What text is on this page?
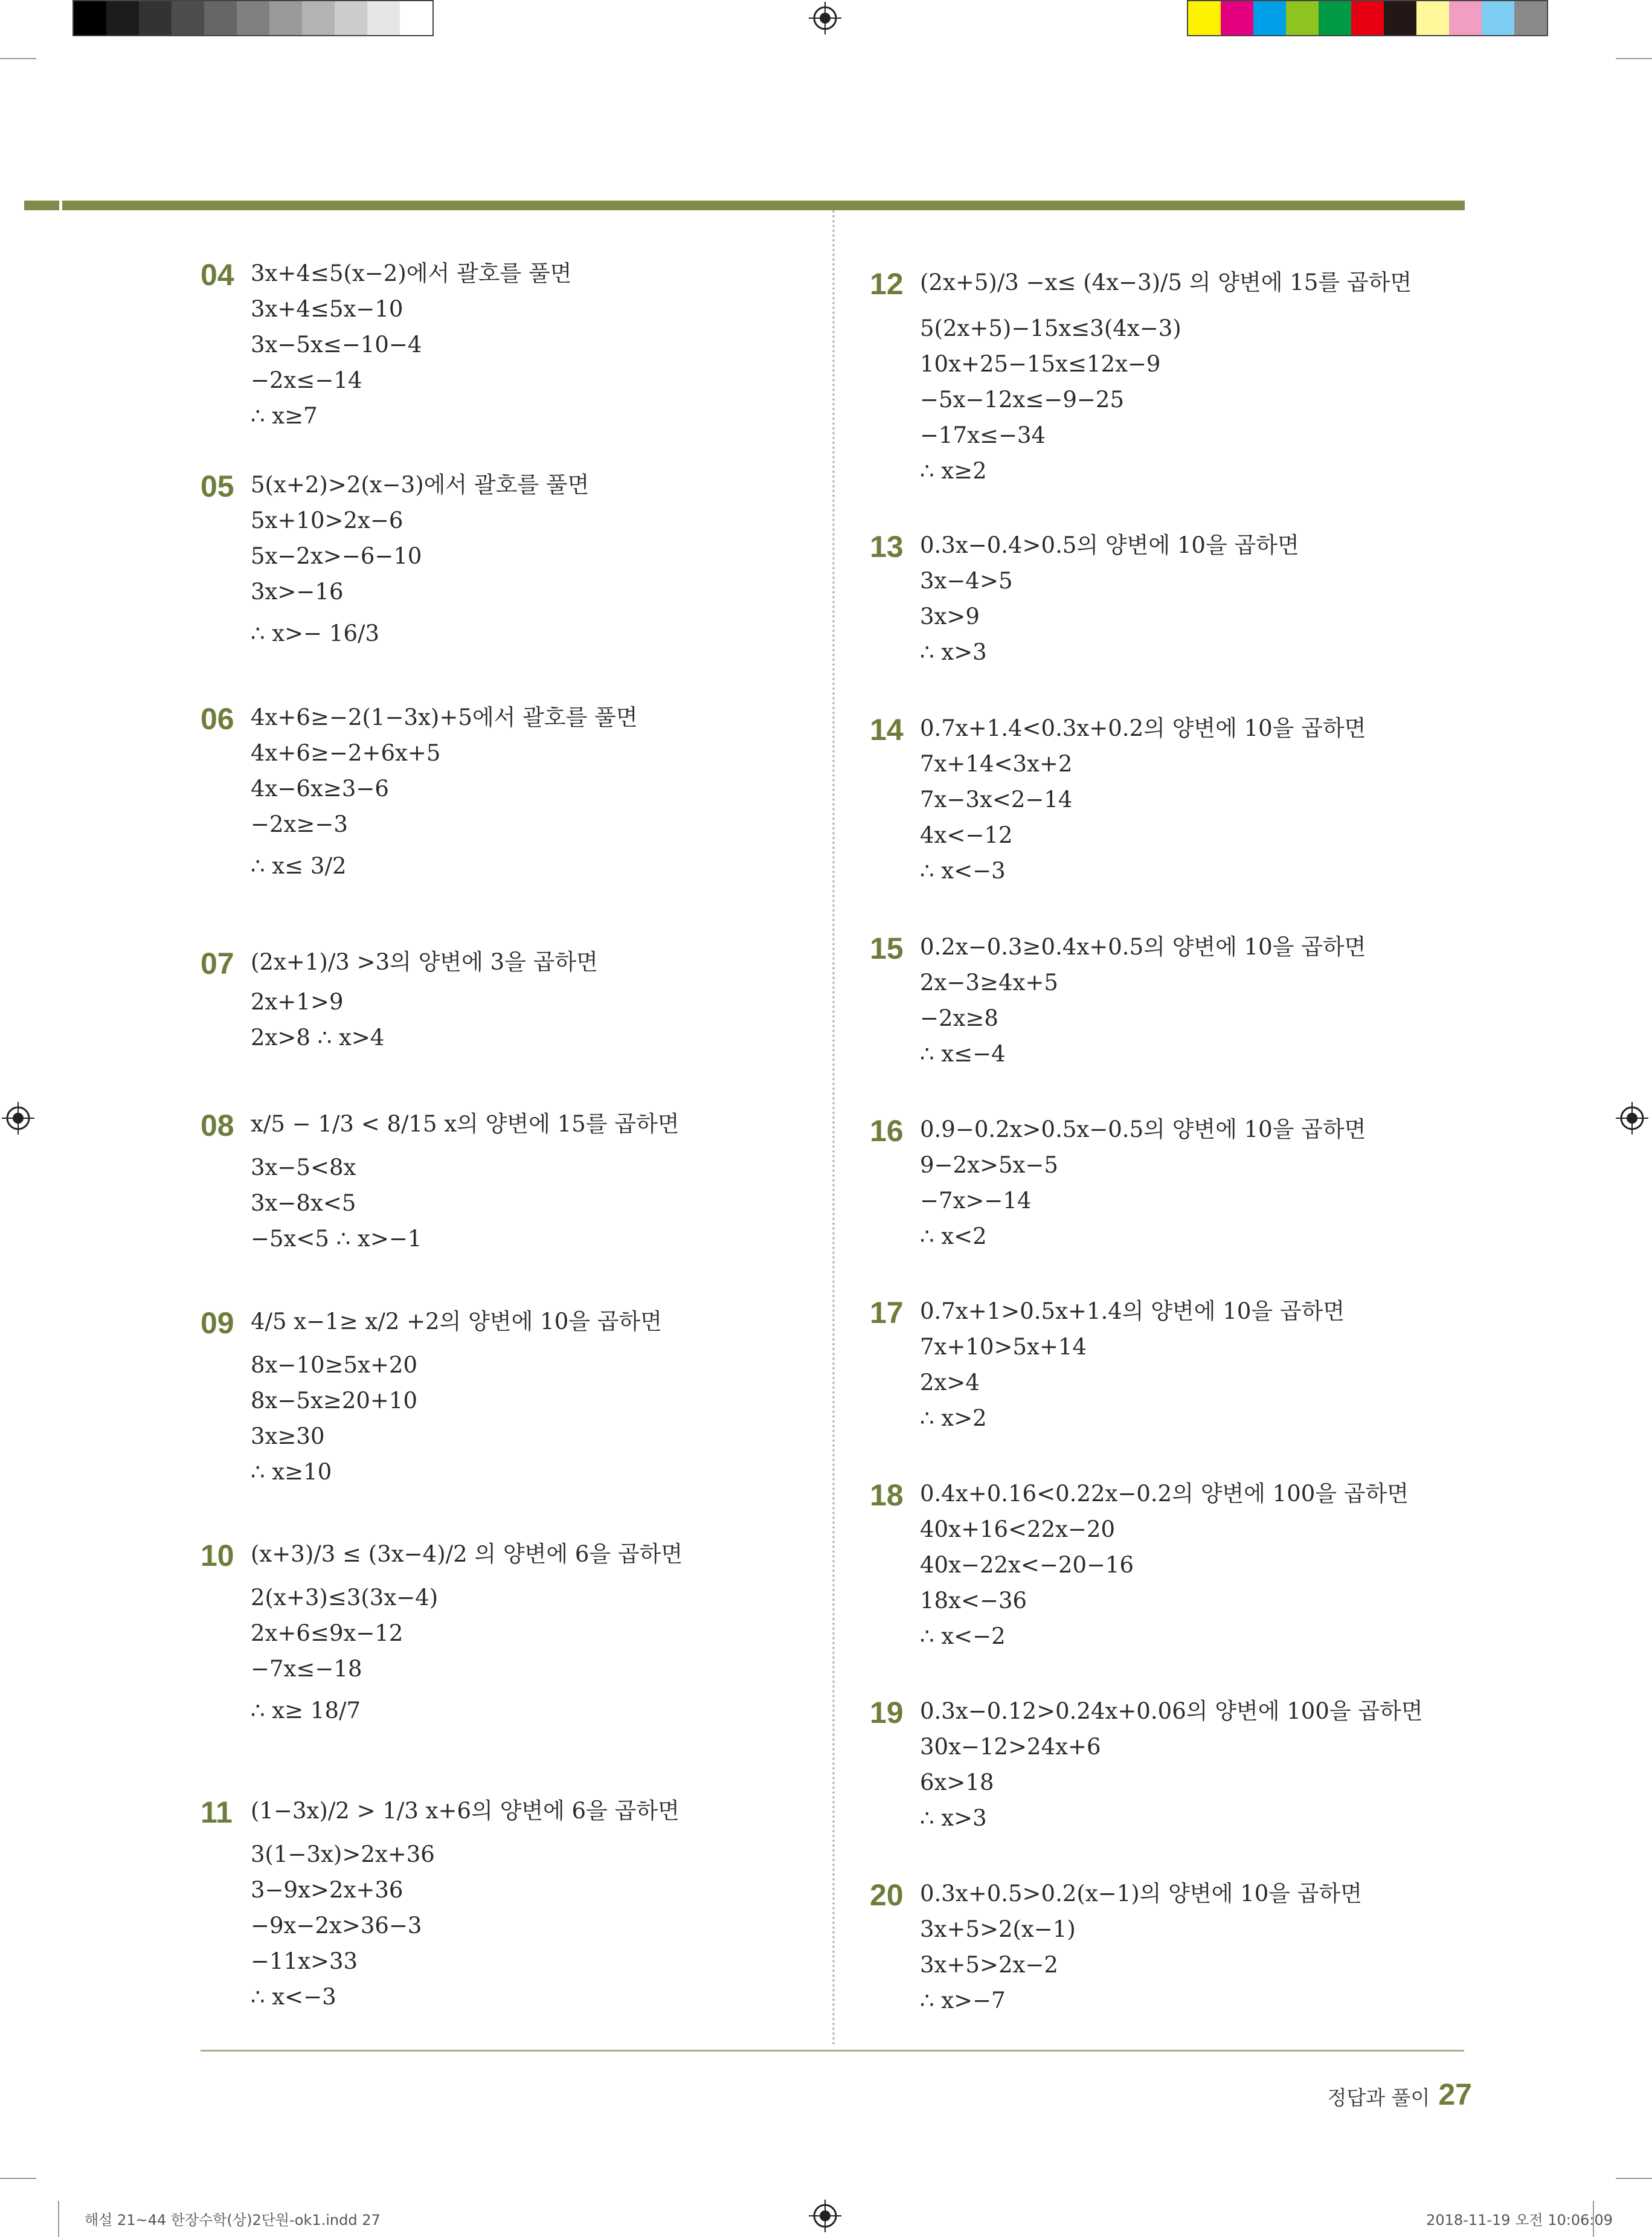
04 3x+4≤5(x−2)에서 괄호를 풀면
3x+4≤5x−10
3x−5x≤−10−4
−2x≤−14
∴ x≥7
05 5(x+2)>2(x−3)에서 괄호를 풀면
5x+10>2x−6
5x−2x>−6−10
3x>−16
∴ x>− 16/3
06 4x+6≥−2(1−3x)+5에서 괄호를 풀면
4x+6≥−2+6x+5
4x−6x≥3−6
−2x≥−3
∴ x≤ 3/2
07 (2x+1)/3 >3의 양변에 3을 곱하면
2x+1>9
2x>8 ∴ x>4
08 x/5 − 1/3 < 8/15 x의 양변에 15를 곱하면
3x−5<8x
3x−8x<5
−5x<5 ∴ x>−1
09 4/5 x−1≥ x/2 +2의 양변에 10을 곱하면
8x−10≥5x+20
8x−5x≥20+10
3x≥30
∴ x≥10
10 (x+3)/3 ≤ (3x−4)/2 의 양변에 6을 곱하면
2(x+3)≤3(3x−4)
2x+6≤9x−12
−7x≤−18
∴ x≥ 18/7
11 (1−3x)/2 > 1/3 x+6의 양변에 6을 곱하면
3(1−3x)>2x+36
3−9x>2x+36
−9x−2x>36−3
−11x>33
∴ x<−3
12 (2x+5)/3 −x≤ (4x−3)/5 의 양변에 15를 곱하면
5(2x+5)−15x≤3(4x−3)
10x+25−15x≤12x−9
−5x−12x≤−9−25
−17x≤−34
∴ x≥2
13 0.3x−0.4>0.5의 양변에 10을 곱하면
3x−4>5
3x>9
∴ x>3
14 0.7x+1.4<0.3x+0.2의 양변에 10을 곱하면
7x+14<3x+2
7x−3x<2−14
4x<−12
∴ x<−3
15 0.2x−0.3≥0.4x+0.5의 양변에 10을 곱하면
2x−3≥4x+5
−2x≥8
∴ x≤−4
16 0.9−0.2x>0.5x−0.5의 양변에 10을 곱하면
9−2x>5x−5
−7x>−14
∴ x<2
17 0.7x+1>0.5x+1.4의 양변에 10을 곱하면
7x+10>5x+14
2x>4
∴ x>2
18 0.4x+0.16<0.22x−0.2의 양변에 100을 곱하면
40x+16<22x−20
40x−22x<−20−16
18x<−36
∴ x<−2
19 0.3x−0.12>0.24x+0.06의 양변에 100을 곱하면
30x−12>24x+6
6x>18
∴ x>3
20 0.3x+0.5>0.2(x−1)의 양변에 10을 곱하면
3x+5>2(x−1)
3x+5>2x−2
∴ x>−7
정답과 풀이 27
해설 21~44 한장수학(상)2단원-ok1.indd 27	2018-11-19 오전 10:06:09
